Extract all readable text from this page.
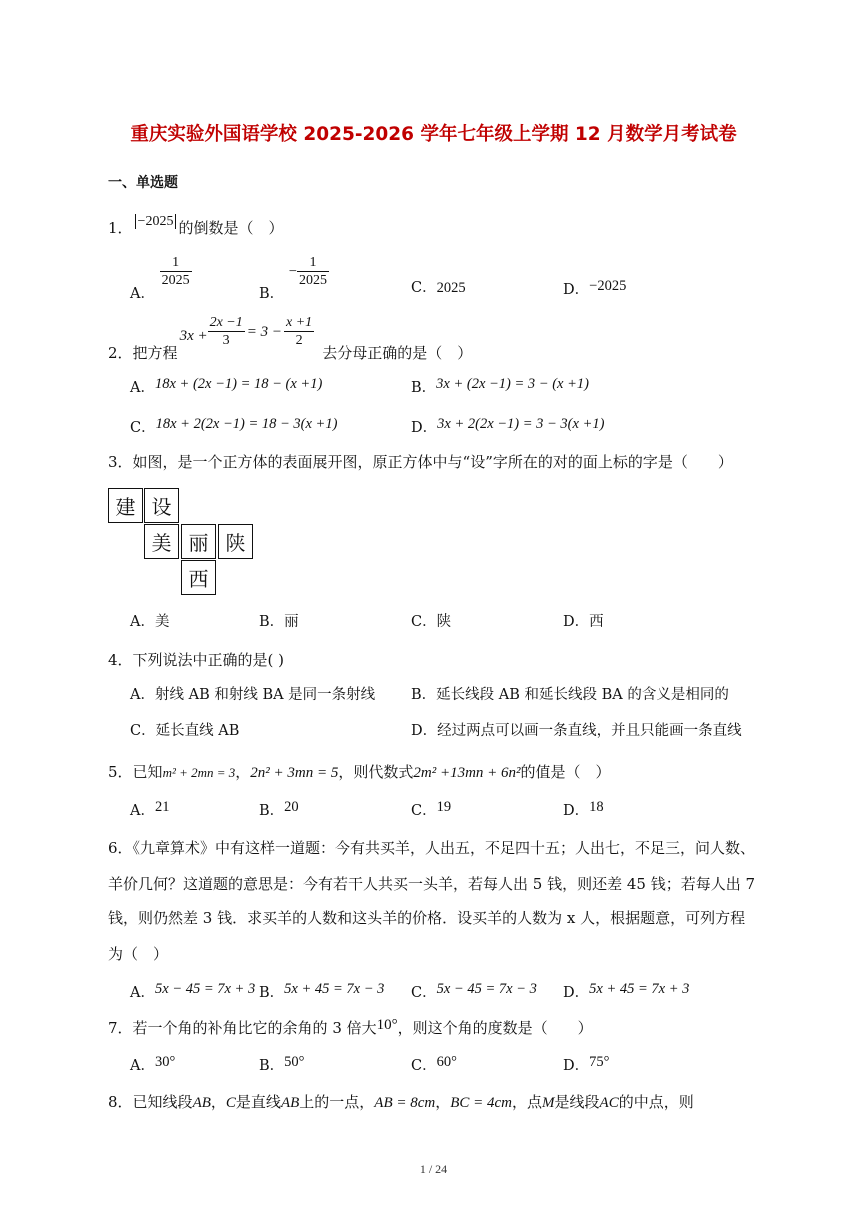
重庆实验外国语学校 2025-2026 学年七年级上学期 12 月数学月考试卷
一、单选题
1． −2025 的倒数是（　）
A．
$\frac{1}{2025}$
B． − $\frac{1}{2025}$	C．2025	D．−2025
2．把方程$3x + \frac{2x -1}{3} = 3 - \frac{x +1}{2}$
去分母正确的是（　）
A．18x + (2x −1) = 18 − (x +1)	B．3x + (2x −1) = 3 − (x +1)
C．18x + 2(2x −1) = 18 − 3(x +1)	D．3x + 2(2x −1) = 3 − 3(x +1)
3．如图，是一个正方体的表面展开图，原正方体中与“设”字所在的对的面上标的字是（　　）
建 设
美 丽 陕
西
A．美	B．丽	C．陕	D．西
4．下列说法中正确的是( )
A．射线 AB 和射线 BA 是同一条射线 B．延长线段 AB 和延长线段 BA 的含义是相同的
C．延长直线 AB	D．经过两点可以画一条直线，并且只能画一条直线
5．已知m² + 2mn = 3，2n² + 3mn = 5，则代数式2m² +13mn + 6n²的值是（　）
A．21	B．20	C．19	D．18
6．《九章算术》中有这样一道题：今有共买羊，人出五，不足四十五；人出七，不足三，问人数、
羊价几何？这道题的意思是：今有若干人共买一头羊，若每人出 5 钱，则还差 45 钱；若每人出 7
钱，则仍然差 3 钱．求买羊的人数和这头羊的价格．设买羊的人数为 x 人，根据题意，可列方程
为（　）
A．5x − 45 = 7x + 3 B．5x + 45 = 7x − 3 C．5x − 45 = 7x − 3 D．5x + 45 = 7x + 3
7．若一个角的补角比它的余角的 3 倍大10°，则这个角的度数是（　　）
A．30°	B．50°	C．60°	D．75°
8．已知线段AB，C是直线AB上的一点，AB = 8cm，BC = 4cm，点M是线段AC的中点，则
1 / 24
